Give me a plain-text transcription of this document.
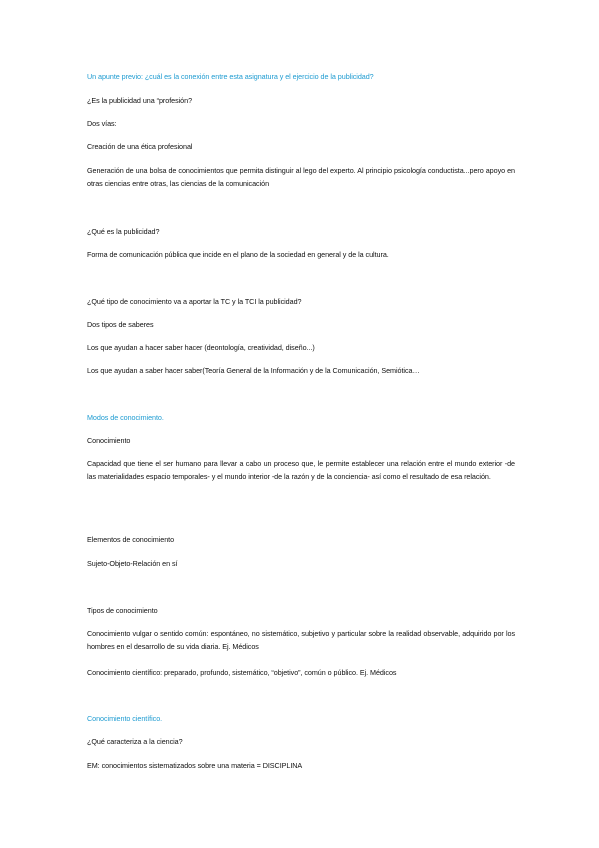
Un apunte previo: ¿cuál es la conexión entre esta asignatura y el ejercicio de la publicidad?

¿Es la publicidad una “profesión?

Dos vías:

Creación de una ética profesional

Generación de una bolsa de conocimientos que permita distinguir al lego del experto. Al principio psicología conductista...pero apoyo en otras ciencias entre otras, las ciencias de la comunicación

¿Qué es la publicidad?

Forma de comunicación pública que incide en el plano de la sociedad en general y de la cultura.

¿Qué tipo de conocimiento va a aportar la TC y la TCI la publicidad?

Dos tipos de saberes

Los que ayudan a hacer saber hacer (deontología, creatividad, diseño...)

Los que ayudan a saber hacer saber(Teoría General de la Información y de la Comunicación, Semiótica…

Modos de conocimiento.

Conocimiento

Capacidad que tiene el ser humano para llevar a cabo un proceso que, le permite establecer una relación entre el mundo exterior -de las materialidades espacio temporales- y el mundo interior -de la razón y de la conciencia- así como el resultado de esa relación.

Elementos de conocimiento

Sujeto-Objeto-Relación en sí

Tipos de conocimiento

Conocimiento vulgar o sentido común: espontáneo, no sistemático, subjetivo y particular sobre la realidad observable, adquirido por los hombres en el desarrollo de su vida diaria. Ej. Médicos

Conocimiento científico: preparado, profundo, sistemático, “objetivo”, común o público. Ej. Médicos

Conocimiento científico.

¿Qué caracteriza a la ciencia?

EM: conocimientos sistematizados sobre una materia = DISCIPLINA
